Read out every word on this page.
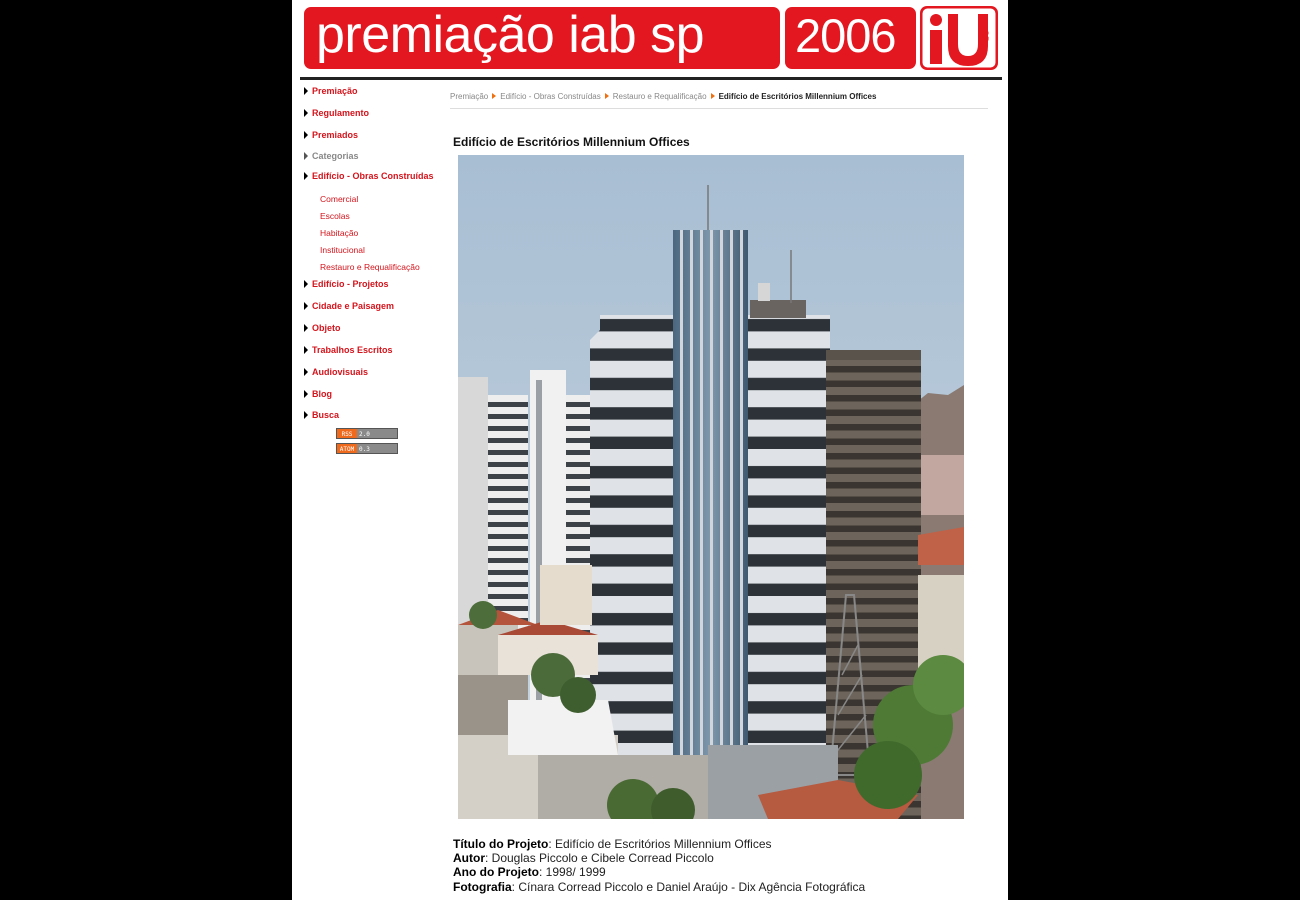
premiação iab sp 2006	SP
Premiação
Regulamento
Premiados
Categorias
Edifício - Obras Construídas
Comercial
Escolas
Habitação
Institucional
Restauro e Requalificação
Edifício - Projetos
Cidade e Paisagem
Objeto
Trabalhos Escritos
Audiovisuais
Blog
Busca
RSS	2.0
ATOM 0.3
Premiação Edifício - Obras Construídas Restauro e Requalificação Edifício de Escritórios Millennium Offices
Edifício de Escritórios Millennium Offices
Título do Projeto: Edifício de Escritórios Millennium Offices
Autor: Douglas Piccolo e Cibele Corread Piccolo
Ano do Projeto: 1998/ 1999
Fotografia: Cínara Corread Piccolo e Daniel Araújo - Dix Agência Fotográfica
